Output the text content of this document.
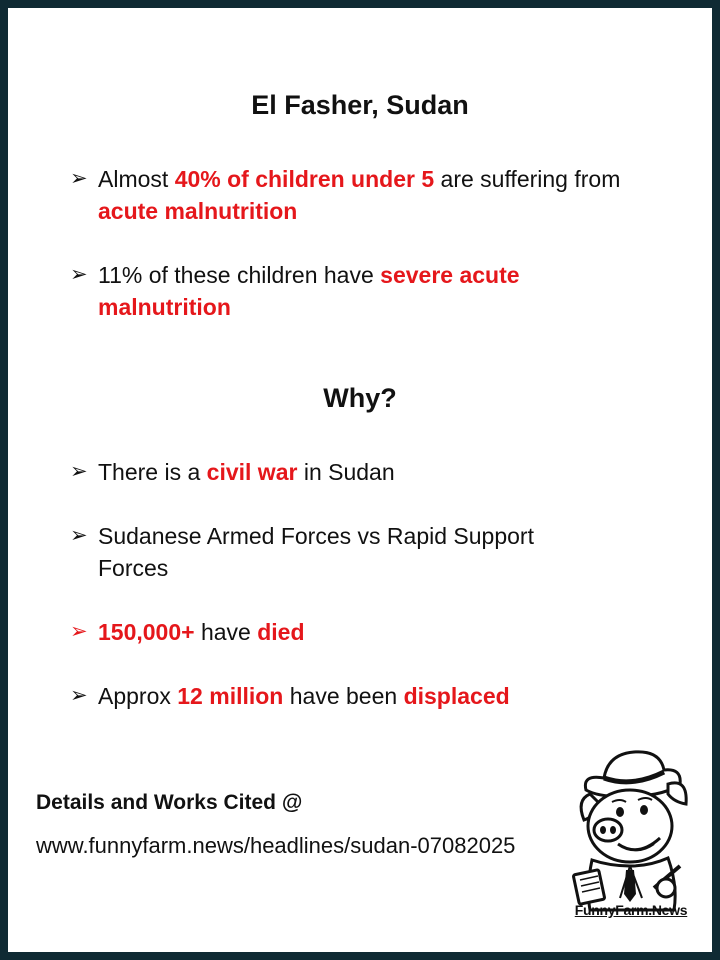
El Fasher, Sudan
➢ Almost 40% of children under 5 are suffering from acute malnutrition
➢ 11% of these children have severe acute malnutrition
Why?
➢ There is a civil war in Sudan
➢ Sudanese Armed Forces vs Rapid Support Forces
➢ 150,000+ have died
➢ Approx 12 million have been displaced
Details and Works Cited @
www.funnyfarm.news/headlines/sudan-07082025
FunnyFarm.News
